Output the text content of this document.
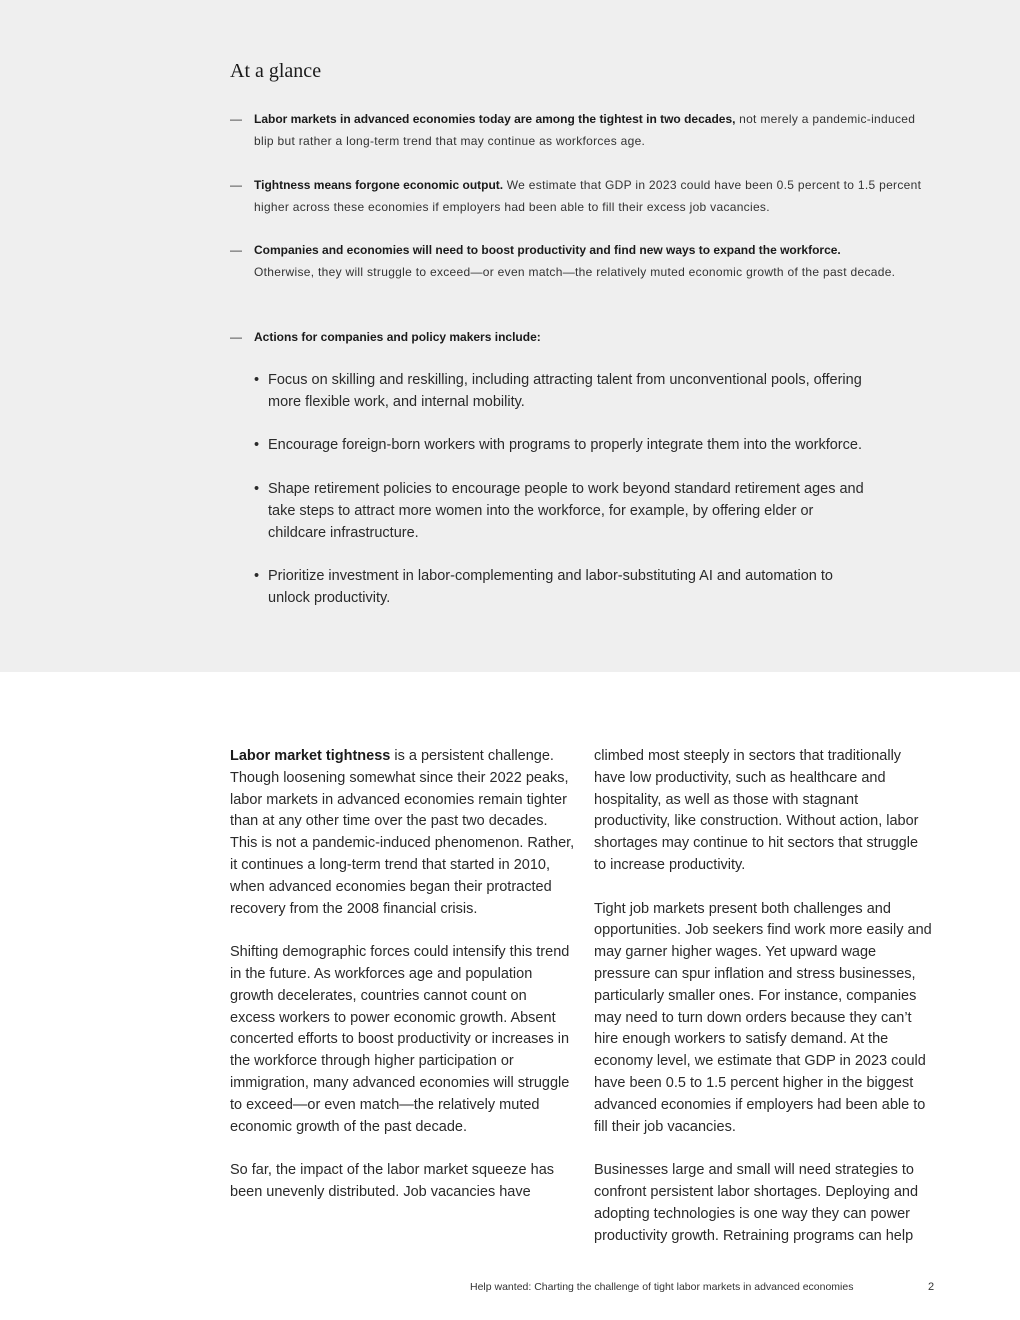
At a glance
— Labor markets in advanced economies today are among the tightest in two decades, not merely a pandemic-induced blip but rather a long-term trend that may continue as workforces age.
— Tightness means forgone economic output. We estimate that GDP in 2023 could have been 0.5 percent to 1.5 percent higher across these economies if employers had been able to fill their excess job vacancies.
— Companies and economies will need to boost productivity and find new ways to expand the workforce. Otherwise, they will struggle to exceed—or even match—the relatively muted economic growth of the past decade.
— Actions for companies and policy makers include:
• Focus on skilling and reskilling, including attracting talent from unconventional pools, offering more flexible work, and internal mobility.
• Encourage foreign-born workers with programs to properly integrate them into the workforce.
• Shape retirement policies to encourage people to work beyond standard retirement ages and take steps to attract more women into the workforce, for example, by offering elder or childcare infrastructure.
• Prioritize investment in labor-complementing and labor-substituting AI and automation to unlock productivity.

Labor market tightness is a persistent challenge. Though loosening somewhat since their 2022 peaks, labor markets in advanced economies remain tighter than at any other time over the past two decades. This is not a pandemic-induced phenomenon. Rather, it continues a long-term trend that started in 2010, when advanced economies began their protracted recovery from the 2008 financial crisis.

Shifting demographic forces could intensify this trend in the future. As workforces age and population growth decelerates, countries cannot count on excess workers to power economic growth. Absent concerted efforts to boost productivity or increases in the workforce through higher participation or immigration, many advanced economies will struggle to exceed—or even match—the relatively muted economic growth of the past decade.

So far, the impact of the labor market squeeze has been unevenly distributed. Job vacancies have

climbed most steeply in sectors that traditionally have low productivity, such as healthcare and hospitality, as well as those with stagnant productivity, like construction. Without action, labor shortages may continue to hit sectors that struggle to increase productivity.

Tight job markets present both challenges and opportunities. Job seekers find work more easily and may garner higher wages. Yet upward wage pressure can spur inflation and stress businesses, particularly smaller ones. For instance, companies may need to turn down orders because they can’t hire enough workers to satisfy demand. At the economy level, we estimate that GDP in 2023 could have been 0.5 to 1.5 percent higher in the biggest advanced economies if employers had been able to fill their job vacancies.

Businesses large and small will need strategies to confront persistent labor shortages. Deploying and adopting technologies is one way they can power productivity growth. Retraining programs can help

Help wanted: Charting the challenge of tight labor markets in advanced economies	2
